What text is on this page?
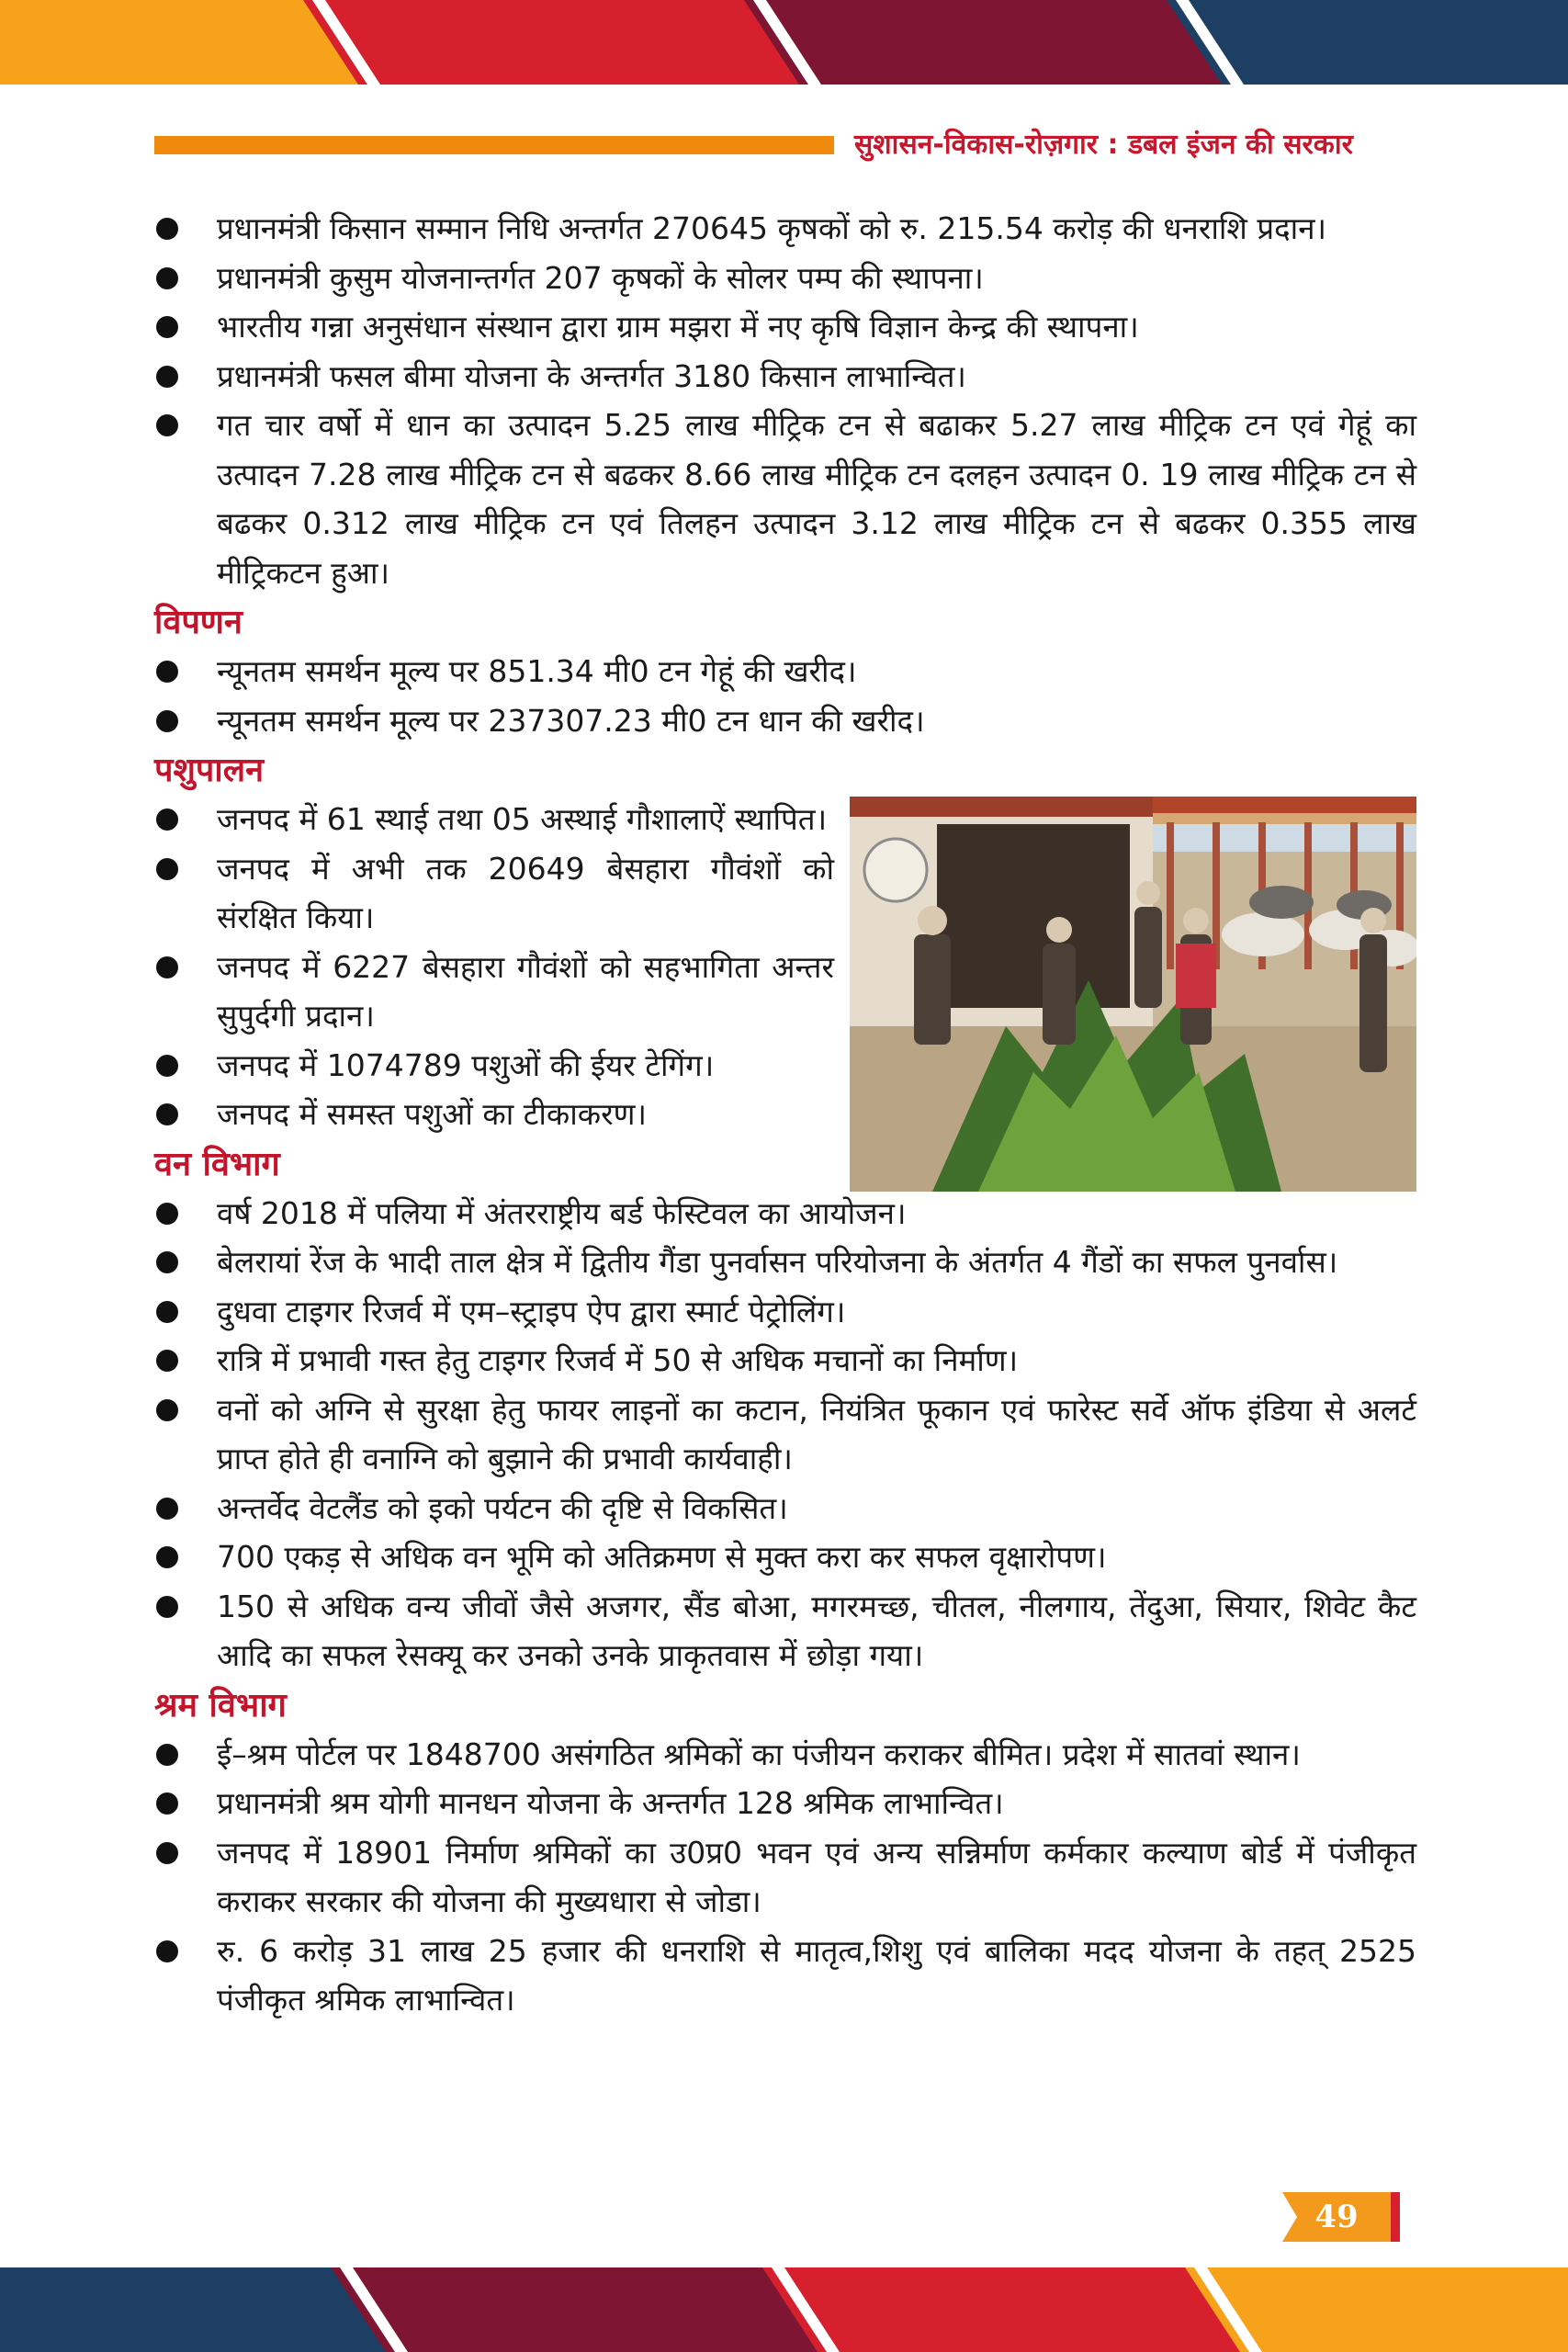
सुशासन-विकास-रोज़गार : डबल इंजन की सरकार
प्रधानमंत्री किसान सम्मान निधि अन्तर्गत 270645 कृषकों को रु. 215.54 करोड़ की धनराशि प्रदान।
प्रधानमंत्री कुसुम योजनान्तर्गत 207 कृषकों के सोलर पम्प की स्थापना।
भारतीय गन्ना अनुसंधान संस्थान द्वारा ग्राम मझरा में नए कृषि विज्ञान केन्द्र की स्थापना।
प्रधानमंत्री फसल बीमा योजना के अन्तर्गत 3180 किसान लाभान्वित।
गत चार वर्षो में धान का उत्पादन 5.25 लाख मीट्रिक टन से बढाकर 5.27 लाख मीट्रिक टन एवं गेहूं का उत्पादन 7.28 लाख मीट्रिक टन से बढकर 8.66 लाख मीट्रिक टन दलहन उत्पादन 0. 19 लाख मीट्रिक टन से बढकर 0.312 लाख मीट्रिक टन एवं तिलहन उत्पादन 3.12 लाख मीट्रिक टन से बढकर 0.355 लाख मीट्रिकटन हुआ।
विपणन
न्यूनतम समर्थन मूल्य पर 851.34 मी0 टन गेहूं की खरीद।
न्यूनतम समर्थन मूल्य पर 237307.23 मी0 टन धान की खरीद।
पशुपालन
जनपद में 61 स्थाई तथा 05 अस्थाई गौशालाऐं स्थापित।
जनपद में अभी तक 20649 बेसहारा गौवंशों को संरक्षित किया।
जनपद में 6227 बेसहारा गौवंशों को सहभागिता अन्तर सुपुर्दगी प्रदान।
जनपद में 1074789 पशुओं की ईयर टेगिंग।
जनपद में समस्त पशुओं का टीकाकरण।
वन विभाग
वर्ष 2018 में पलिया में अंतरराष्ट्रीय बर्ड फेस्टिवल का आयोजन।
बेलरायां रेंज के भादी ताल क्षेत्र में द्वितीय गैंडा पुनर्वासन परियोजना के अंतर्गत 4 गैंडों का सफल पुनर्वास।
दुधवा टाइगर रिजर्व में एम–स्ट्राइप ऐप द्वारा स्मार्ट पेट्रोलिंग।
रात्रि में प्रभावी गस्त हेतु टाइगर रिजर्व में 50 से अधिक मचानों का निर्माण।
वनों को अग्नि से सुरक्षा हेतु फायर लाइनों का कटान, नियंत्रित फूकान एवं फारेस्ट सर्वे ऑफ इंडिया से अलर्ट प्राप्त होते ही वनाग्नि को बुझाने की प्रभावी कार्यवाही।
अन्तर्वेद वेटलैंड को इको पर्यटन की दृष्टि से विकसित।
700 एकड़ से अधिक वन भूमि को अतिक्रमण से मुक्त करा कर सफल वृक्षारोपण।
150 से अधिक वन्य जीवों जैसे अजगर, सैंड बोआ, मगरमच्छ, चीतल, नीलगाय, तेंदुआ, सियार, शिवेट कैट आदि का सफल रेसक्यू कर उनको उनके प्राकृतवास में छोड़ा गया।
श्रम विभाग
ई–श्रम पोर्टल पर 1848700 असंगठित श्रमिकों का पंजीयन कराकर बीमित। प्रदेश में सातवां स्थान।
प्रधानमंत्री श्रम योगी मानधन योजना के अन्तर्गत 128 श्रमिक लाभान्वित।
जनपद में 18901 निर्माण श्रमिकों का उ0प्र0 भवन एवं अन्य सन्निर्माण कर्मकार कल्याण बोर्ड में पंजीकृत कराकर सरकार की योजना की मुख्यधारा से जोडा।
रु. 6 करोड़ 31 लाख 25 हजार की धनराशि से मातृत्व,शिशु एवं बालिका मदद योजना के तहत् 2525 पंजीकृत श्रमिक लाभान्वित।
49
